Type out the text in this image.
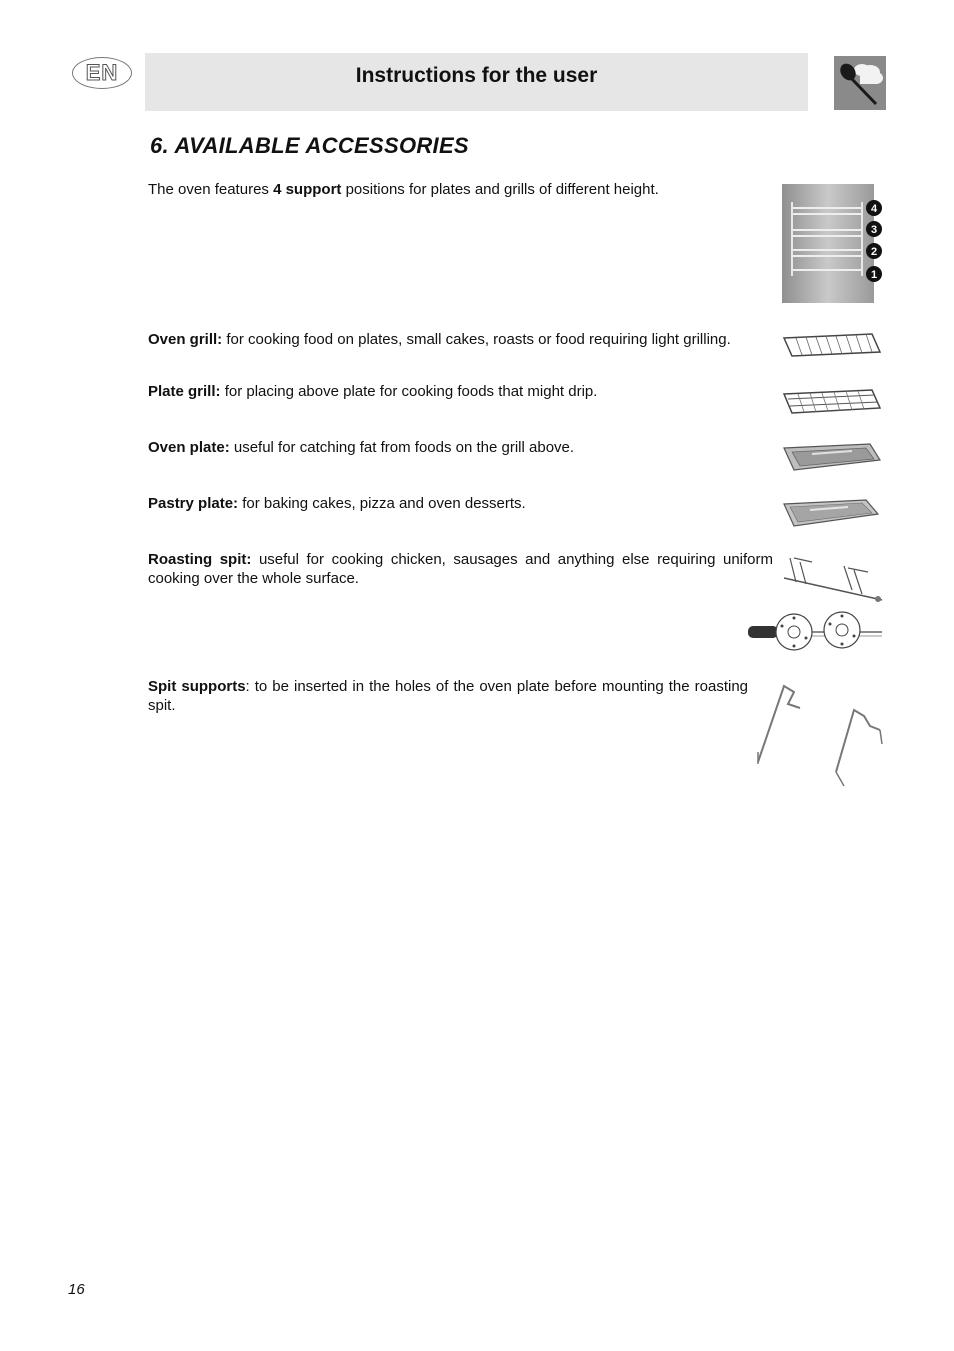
EN	Instructions for the user
6. AVAILABLE ACCESSORIES
The oven features 4 support positions for plates and grills of different height.
4
3
2
1
Oven grill: for cooking food on plates, small cakes, roasts or food requiring light grilling.
Plate grill: for placing above plate for cooking foods that might drip.
Oven plate: useful for catching fat from foods on the grill above.
Pastry plate: for baking cakes, pizza and oven desserts.
Roasting spit: useful for cooking chicken, sausages and anything else requiring uniform cooking over the whole surface.
Spit supports: to be inserted in the holes of the oven plate before mounting the roasting spit.
16
